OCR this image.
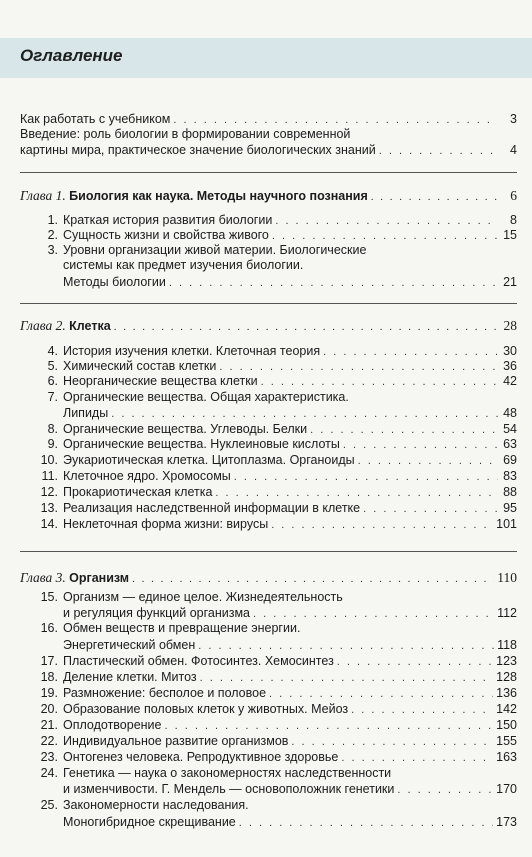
Оглавление
Как работать с учебником . . .	3
Введение: роль биологии в формировании современной
картины мира, практическое значение биологических знаний . . .	4
Глава 1. Биология как наука. Методы научного познания . . .	6
1. Краткая история развития биологии . . .	8
2. Сущность жизни и свойства живого . . .	15
3. Уровни организации живой материи. Биологические
системы как предмет изучения биологии.
Методы биологии . . .	21
Глава 2. Клетка . . .	28
4. История изучения клетки. Клеточная теория . . .	30
5. Химический состав клетки . . .	36
6. Неорганические вещества клетки . . .	42
7. Органические вещества. Общая характеристика.
Липиды . . .	48
8. Органические вещества. Углеводы. Белки . . .	54
9. Органические вещества. Нуклеиновые кислоты . . .	63
10. Эукариотическая клетка. Цитоплазма. Органоиды . . .	69
11. Клеточное ядро. Хромосомы . . .	83
12. Прокариотическая клетка . . .	88
13. Реализация наследственной информации в клетке . . .	95
14. Неклеточная форма жизни: вирусы . . .	101
Глава 3. Организм . . .	110
15. Организм — единое целое. Жизнедеятельность
и регуляция функций организма . . .	112
16. Обмен веществ и превращение энергии.
Энергетический обмен . . .	118
17. Пластический обмен. Фотосинтез. Хемосинтез . . .	123
18. Деление клетки. Митоз . . .	128
19. Размножение: бесполое и половое . . .	136
20. Образование половых клеток у животных. Мейоз . . .	142
21. Оплодотворение . . .	150
22. Индивидуальное развитие организмов . . .	155
23. Онтогенез человека. Репродуктивное здоровье . . .	163
24. Генетика — наука о закономерностях наследственности
и изменчивости. Г. Мендель — основоположник генетики . . .	170
25. Закономерности наследования.
Моногибридное скрещивание . . .	173
